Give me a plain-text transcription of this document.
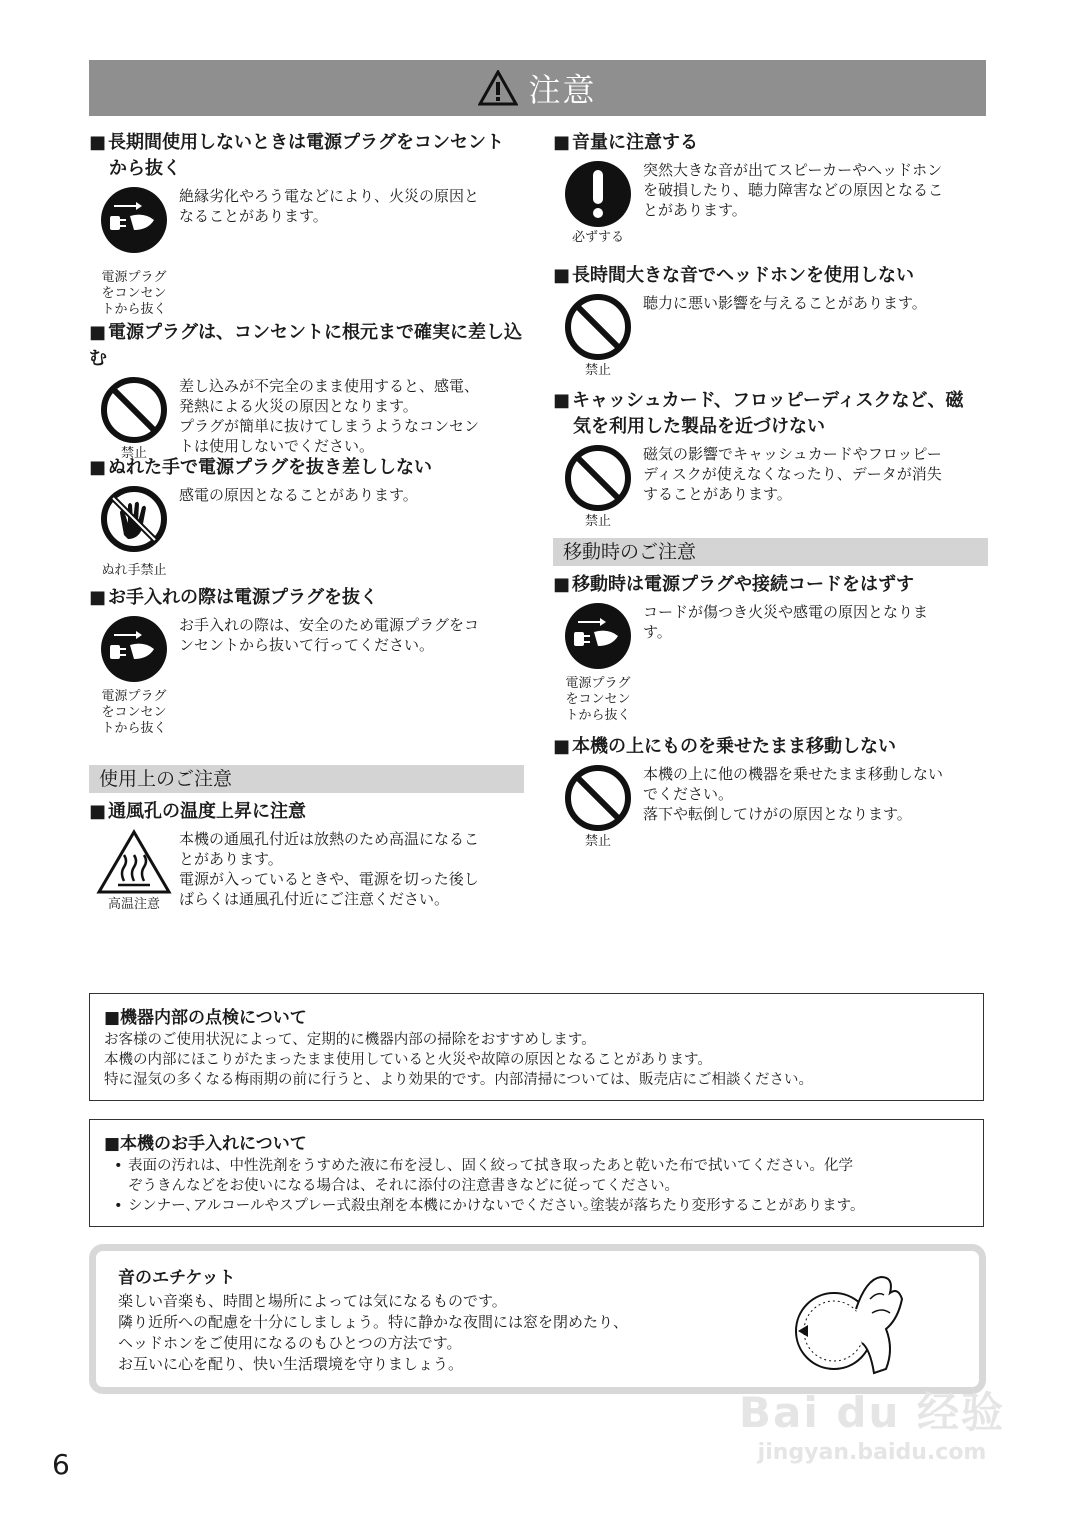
注意
■ 長期間使用しないときは電源プラグをコンセント
から抜く
電源プラグ
をコンセン
トから抜く
絶縁劣化やろう電などにより、火災の原因と
なることがあります。
■ 電源プラグは、コンセントに根元まで確実に差し込む
禁止
差し込みが不完全のまま使用すると、感電、
発熱による火災の原因となります。
プラグが簡単に抜けてしまうようなコンセン
トは使用しないでください。
■ ぬれた手で電源プラグを抜き差ししない
ぬれ手禁止
感電の原因となることがあります。
■ お手入れの際は電源プラグを抜く
電源プラグ
をコンセン
トから抜く
お手入れの際は、安全のため電源プラグをコ
ンセントから抜いて行ってください。
使用上のご注意
■ 通風孔の温度上昇に注意
高温注意
本機の通風孔付近は放熱のため高温になるこ
とがあります。
電源が入っているときや、電源を切った後し
ばらくは通風孔付近にご注意ください。
■ 音量に注意する
必ずする
突然大きな音が出てスピーカーやヘッドホン
を破損したり、聴力障害などの原因となるこ
とがあります。
■ 長時間大きな音でヘッドホンを使用しない
禁止
聴力に悪い影響を与えることがあります。
■ キャッシュカード、フロッピーディスクなど、磁
気を利用した製品を近づけない
禁止
磁気の影響でキャッシュカードやフロッピー
ディスクが使えなくなったり、データが消失
することがあります。
移動時のご注意
■ 移動時は電源プラグや接続コードをはずす
電源プラグ
をコンセン
トから抜く
コードが傷つき火災や感電の原因となりま
す。
■ 本機の上にものを乗せたまま移動しない
禁止
本機の上に他の機器を乗せたまま移動しない
でください。
落下や転倒してけがの原因となります。
■機器内部の点検について
お客様のご使用状況によって、定期的に機器内部の掃除をおすすめします。
本機の内部にほこりがたまったまま使用していると火災や故障の原因となることがあります。
特に湿気の多くなる梅雨期の前に行うと、より効果的です。内部清掃については、販売店にご相談ください。
■本機のお手入れについて
• 表面の汚れは、中性洗剤をうすめた液に布を浸し、固く絞って拭き取ったあと乾いた布で拭いてください。化学
ぞうきんなどをお使いになる場合は、それに添付の注意書きなどに従ってください。
• シンナー､アルコールやスプレー式殺虫剤を本機にかけないでください｡塗装が落ちたり変形することがあります。
音のエチケット
楽しい音楽も、時間と場所によっては気になるものです。
隣り近所への配慮を十分にしましょう。特に静かな夜間には窓を閉めたり、
ヘッドホンをご使用になるのもひとつの方法です。
お互いに心を配り、快い生活環境を守りましょう。
6
Bai du 经验
jingyan.baidu.com
